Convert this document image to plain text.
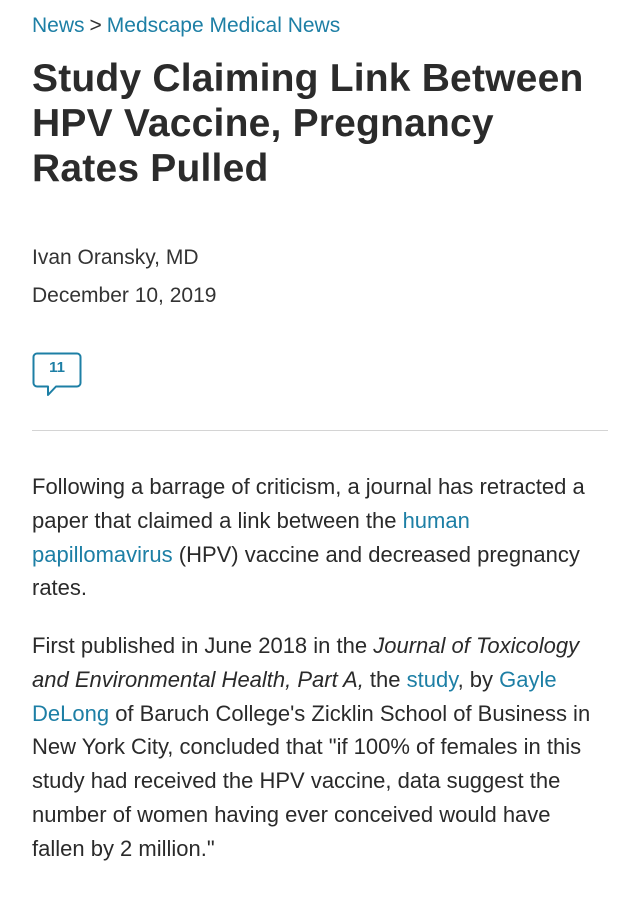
News > Medscape Medical News
Study Claiming Link Between HPV Vaccine, Pregnancy Rates Pulled
Ivan Oransky, MD
December 10, 2019
11

Following a barrage of criticism, a journal has retracted a paper that claimed a link between the human papillomavirus (HPV) vaccine and decreased pregnancy rates.

First published in June 2018 in the Journal of Toxicology and Environmental Health, Part A, the study, by Gayle DeLong of Baruch College's Zicklin School of Business in New York City, concluded that "if 100% of females in this study had received the HPV vaccine, data suggest the number of women having ever conceived would have fallen by 2 million."
